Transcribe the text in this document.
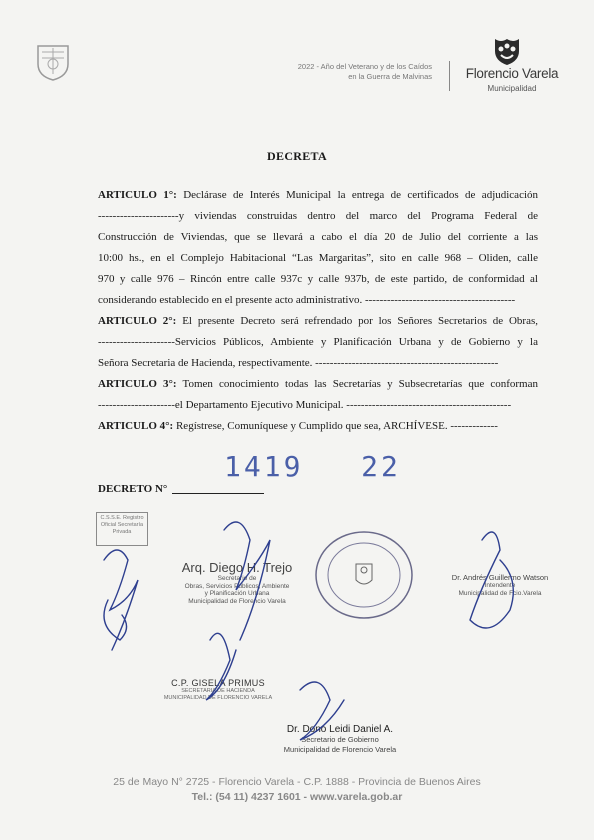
2022 - Año del Veterano y de los Caídos
en la Guerra de Malvinas	Florencio Varela
Municipalidad
DECRETA
ARTICULO 1°: Declárase de Interés Municipal la entrega de certificados de adjudicación
----------------------y viviendas construidas dentro del marco del Programa Federal de
Construcción de Viviendas, que se llevará a cabo el día 20 de Julio del corriente a las
10:00 hs., en el Complejo Habitacional “Las Margaritas”, sito en calle 968 – Oliden, calle
970 y calle 976 – Rincón entre calle 937c y calle 937b, de este partido, de conformidad al
considerando establecido en el presente acto administrativo. -----------------------------------------
ARTICULO 2°: El presente Decreto será refrendado por los Señores Secretarios de Obras,
---------------------Servicios Públicos, Ambiente y Planificación Urbana y de Gobierno y la
Señora Secretaria de Hacienda, respectivamente. --------------------------------------------------
ARTICULO 3°: Tomen conocimiento todas las Secretarías y Subsecretarías que conforman
---------------------el Departamento Ejecutivo Municipal. ---------------------------------------------
ARTICULO 4°: Regístrese, Comuníquese y Cumplido que sea, ARCHÍVESE. -------------
DECRETO N°
1419 22
C.S.S.E. Registro Oficial Secretaría Privada
Arq. Diego H. Trejo
Secretario de
Obras, Servicios Públicos, Ambiente
y Planificación Urbana
Municipalidad de Florencio Varela
Dr. Andrés Guillermo Watson
Intendente
Municipalidad de Fcio.Varela
C.P. GISELA PRIMUS
SECRETARIA DE HACIENDA
MUNICIPALIDAD DE FLORENCIO VARELA
Dr. Dono Leidi Daniel A.
Secretario de Gobierno
Municipalidad de Florencio Varela
25 de Mayo N° 2725 - Florencio Varela - C.P. 1888 - Provincia de Buenos Aires
Tel.: (54 11) 4237 1601 - www.varela.gob.ar
